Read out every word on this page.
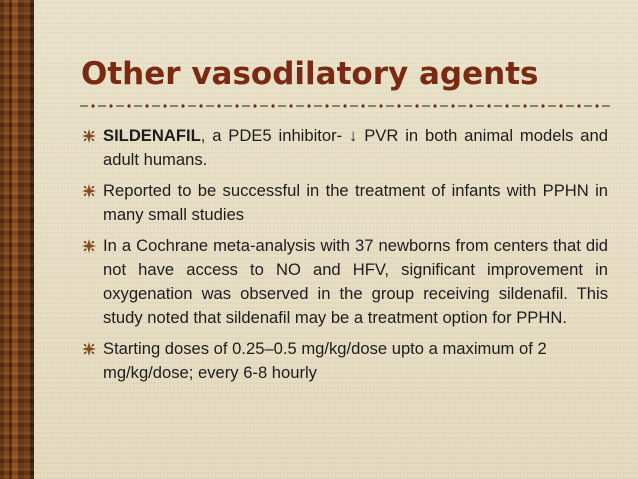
Other vasodilatory agents
SILDENAFIL, a PDE5 inhibitor- ↓ PVR in both animal models and adult humans.
Reported to be successful in the treatment of infants with PPHN in many small studies
In a Cochrane meta-analysis with 37 newborns from centers that did not have access to NO and HFV, significant improvement in oxygenation was observed in the group receiving sildenafil. This study noted that sildenafil may be a treatment option for PPHN.
Starting doses of 0.25–0.5 mg/kg/dose upto a maximum of 2 mg/kg/dose; every 6-8 hourly
